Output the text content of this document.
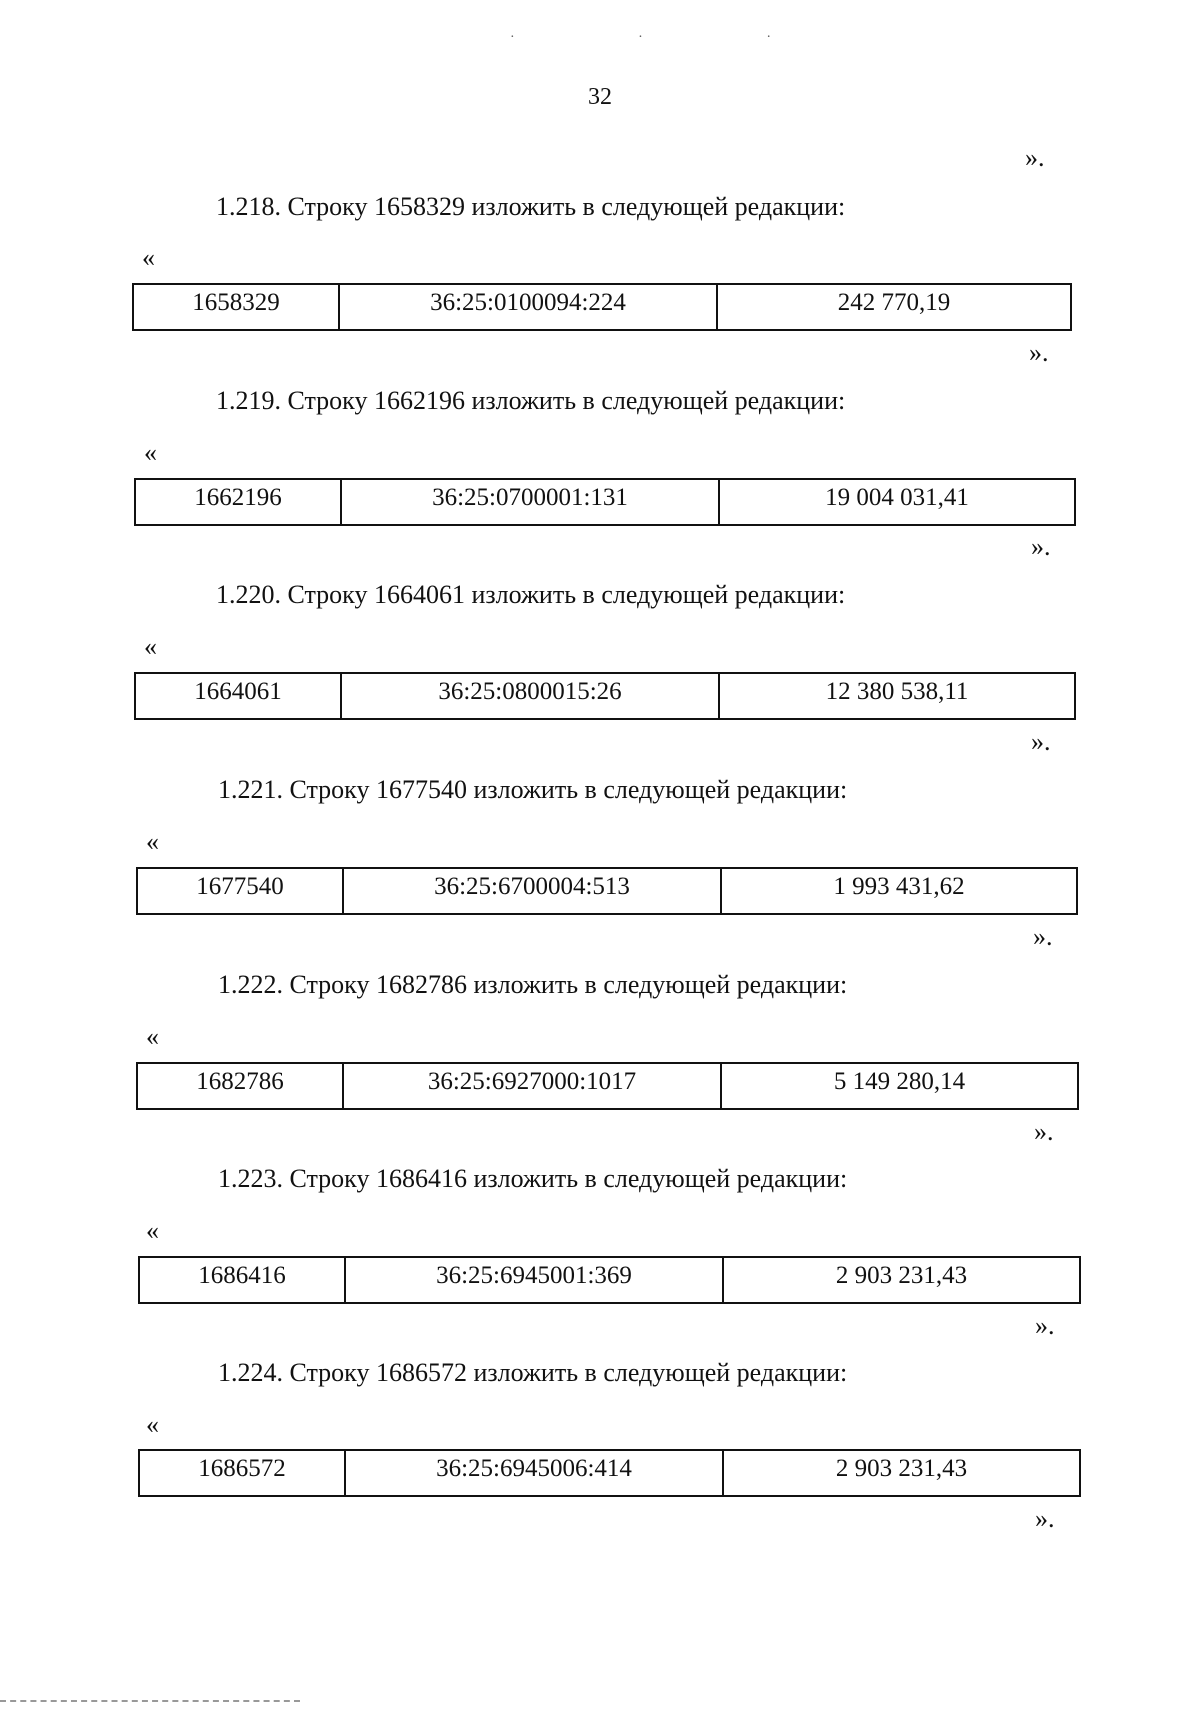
· · ·
32
».
1.218. Строку 1658329 изложить в следующей редакции:
«
1658329	36:25:0100094:224	242 770,19
».
1.219. Строку 1662196 изложить в следующей редакции:
«
1662196	36:25:0700001:131	19 004 031,41
».
1.220. Строку 1664061 изложить в следующей редакции:
«
1664061	36:25:0800015:26	12 380 538,11
».
1.221. Строку 1677540 изложить в следующей редакции:
«
1677540	36:25:6700004:513	1 993 431,62
».
1.222. Строку 1682786 изложить в следующей редакции:
«
1682786	36:25:6927000:1017	5 149 280,14
».
1.223. Строку 1686416 изложить в следующей редакции:
«
1686416	36:25:6945001:369	2 903 231,43
».
1.224. Строку 1686572 изложить в следующей редакции:
«
1686572	36:25:6945006:414	2 903 231,43
».
